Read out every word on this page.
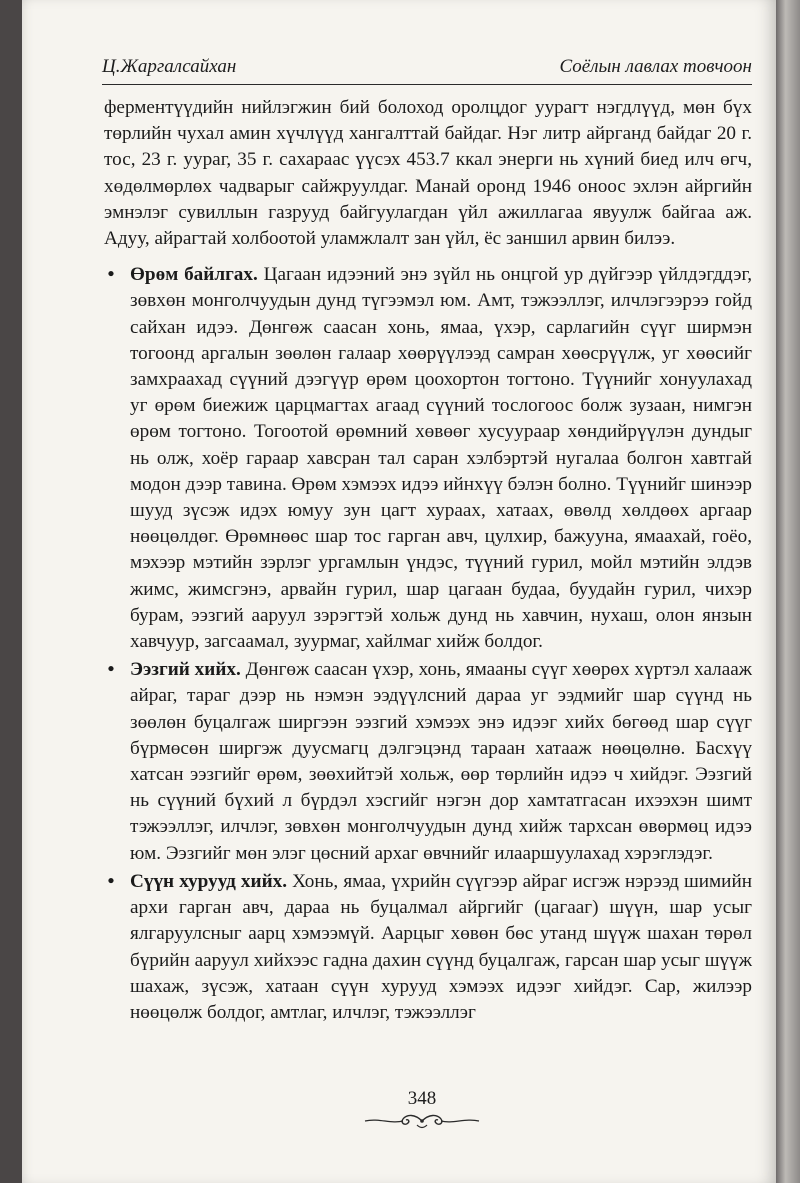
Ц.Жаргалсайхан	Соёлын лавлах товчоон

ферментүүдийн нийлэгжин бий болоход оролцдог уурагт нэгдлүүд, мөн бүх төрлийн чухал амин хүчлүүд хангалттай байдаг. Нэг литр айрганд байдаг 20 г. тос, 23 г. уураг, 35 г. сахараас үүсэх 453.7 ккал энерги нь хүний биед илч өгч, хөдөлмөрлөх чадварыг сайжруулдаг. Манай оронд 1946 оноос эхлэн айргийн эмнэлэг сувиллын газрууд байгуулагдан үйл ажиллагаа явуулж байгаа аж. Адуу, айрагтай холбоотой уламжлалт зан үйл, ёс заншил арвин билээ.

• Өрөм байлгах. Цагаан идээний энэ зүйл нь онцгой ур дүйгээр үйлдэгддэг, зөвхөн монголчуудын дунд түгээмэл юм. Амт, тэжээллэг, илчлэгээрээ гойд сайхан идээ. Дөнгөж саасан хонь, ямаа, үхэр, сарлагийн сүүг ширмэн тогоонд аргалын зөөлөн галаар хөөрүүлээд самран хөөсрүүлж, уг хөөсийг замхраахад сүүний дээгүүр өрөм цоохортон тогтоно. Түүнийг хонуулахад уг өрөм биежиж царцмагтах агаад сүүний тослогоос болж зузаан, нимгэн өрөм тогтоно. Тогоотой өрөмний хөвөөг хусуураар хөндийрүүлэн дундыг нь олж, хоёр гараар хавсран тал саран хэлбэртэй нугалаа болгон хавтгай модон дээр тавина. Өрөм хэмээх идээ ийнхүү бэлэн болно. Түүнийг шинээр шууд зүсэж идэх юмуу зун цагт хураах, хатаах, өвөлд хөлдөөх аргаар нөөцөлдөг. Өрөмнөөс шар тос гарган авч, цулхир, бажууна, ямаахай, гоёо, мэхээр мэтийн зэрлэг ургамлын үндэс, түүний гурил, мойл мэтийн элдэв жимс, жимсгэнэ, арвайн гурил, шар цагаан будаа, буудайн гурил, чихэр бурам, ээзгий ааруул зэрэгтэй хольж дунд нь хавчин, нухаш, олон янзын хавчуур, загсаамал, зуурмаг, хайлмаг хийж болдог.
• Ээзгий хийх. Дөнгөж саасан үхэр, хонь, ямааны сүүг хөөрөх хүртэл халааж айраг, тараг дээр нь нэмэн ээдүүлсний дараа уг ээдмийг шар сүүнд нь зөөлөн буцалгаж ширгээн ээзгий хэмээх энэ идээг хийх бөгөөд шар сүүг бүрмөсөн ширгэж дуусмагц дэлгэцэнд тараан хатааж нөөцөлнө. Басхүү хатсан ээзгийг өрөм, зөөхийтэй хольж, өөр төрлийн идээ ч хийдэг. Ээзгий нь сүүний бүхий л бүрдэл хэсгийг нэгэн дор хамтатгасан ихээхэн шимт тэжээллэг, илчлэг, зөвхөн монголчуудын дунд хийж тархсан өвөрмөц идээ юм. Ээзгийг мөн элэг цөсний архаг өвчнийг илааршуулахад хэрэглэдэг.
• Сүүн хурууд хийх. Хонь, ямаа, үхрийн сүүгээр айраг исгэж нэрээд шимийн архи гарган авч, дараа нь буцалмал айргийг (цагааг) шүүн, шар усыг ялгаруулсныг аарц хэмээмүй. Аарцыг хөвөн бөс утанд шүүж шахан төрөл бүрийн ааруул хийхээс гадна дахин сүүнд буцалгаж, гарсан шар усыг шүүж шахаж, зүсэж, хатаан сүүн хурууд хэмээх идээг хийдэг. Сар, жилээр нөөцөлж болдог, амтлаг, илчлэг, тэжээллэг
348
